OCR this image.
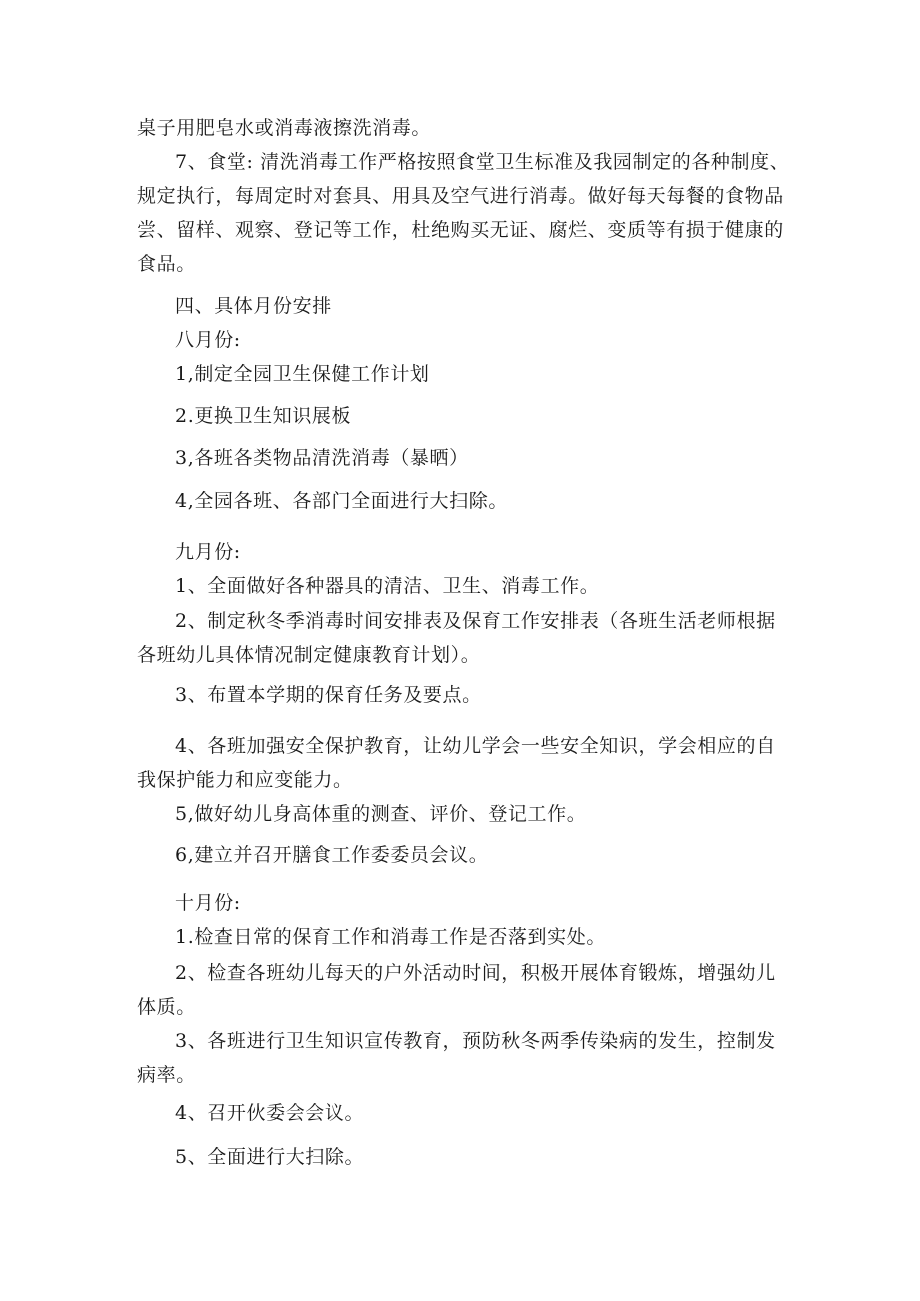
桌子用肥皂水或消毒液擦洗消毒。
7、食堂: 清洗消毒工作严格按照食堂卫生标准及我园制定的各种制度、规定执行，每周定时对套具、用具及空气进行消毒。做好每天每餐的食物品尝、留样、观察、登记等工作，杜绝购买无证、腐烂、变质等有损于健康的食品。
四、具体月份安排
八月份:
1,制定全园卫生保健工作计划
2.更换卫生知识展板
3,各班各类物品清洗消毒（暴晒）
4,全园各班、各部门全面进行大扫除。
九月份:
1、全面做好各种器具的清洁、卫生、消毒工作。
2、制定秋冬季消毒时间安排表及保育工作安排表（各班生活老师根据各班幼儿具体情况制定健康教育计划）。
3、布置本学期的保育任务及要点。
4、各班加强安全保护教育，让幼儿学会一些安全知识，学会相应的自我保护能力和应变能力。
5,做好幼儿身高体重的测查、评价、登记工作。
6,建立并召开膳食工作委委员会议。
十月份:
1.检查日常的保育工作和消毒工作是否落到实处。
2、检查各班幼儿每天的户外活动时间，积极开展体育锻炼，增强幼儿体质。
3、各班进行卫生知识宣传教育，预防秋冬两季传染病的发生，控制发病率。
4、召开伙委会会议。
5、全面进行大扫除。
